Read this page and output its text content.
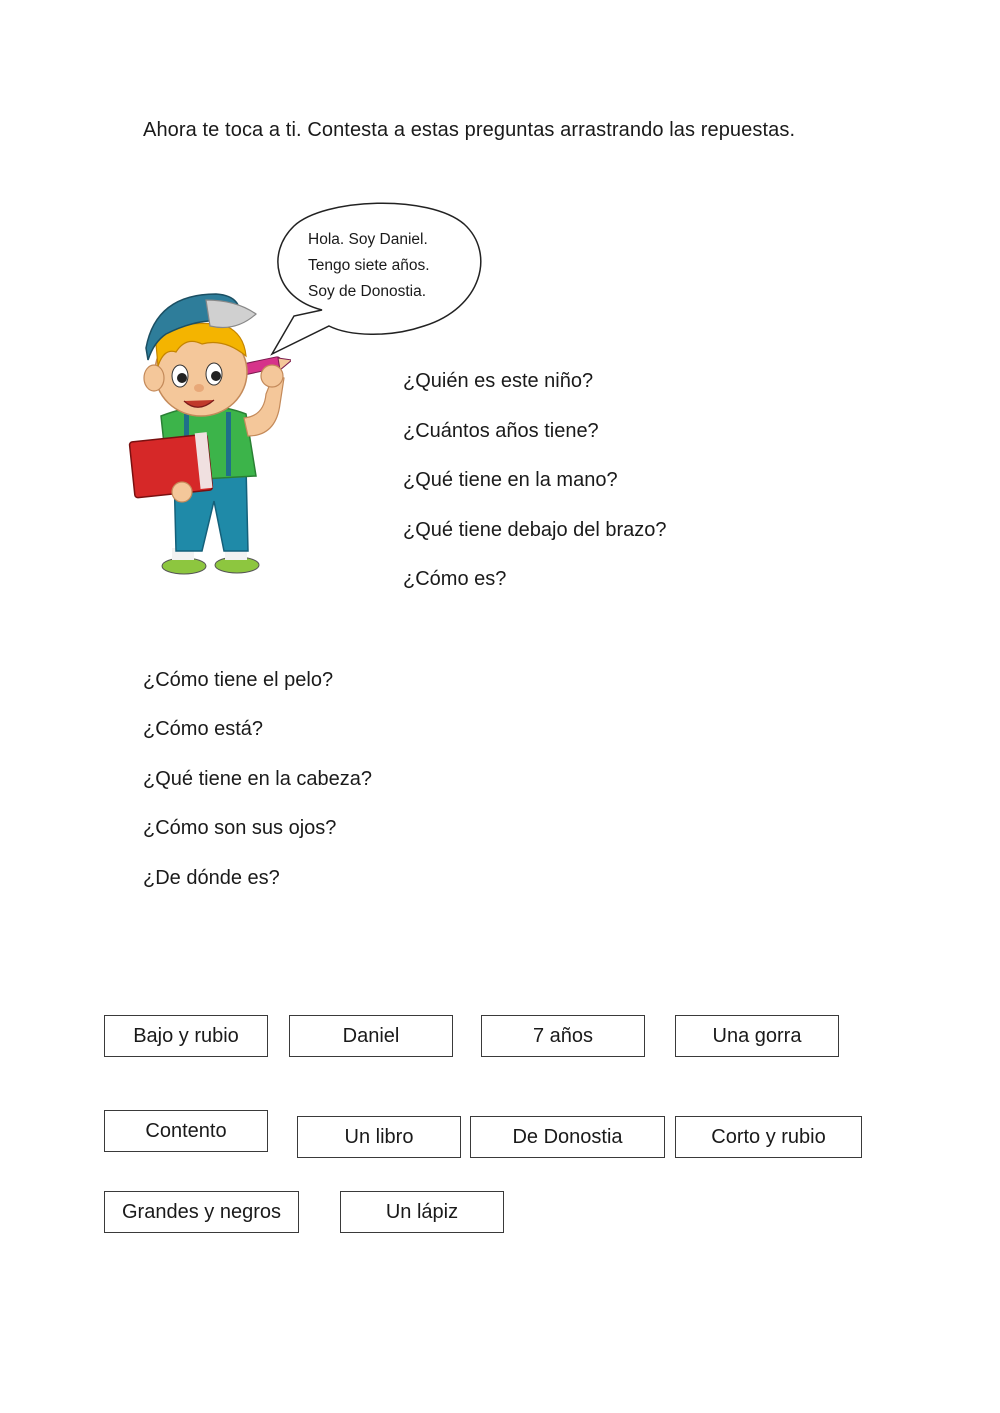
Ahora te toca a ti. Contesta a estas preguntas arrastrando las repuestas.
Hola. Soy Daniel.
Tengo siete años.
Soy de Donostia.
¿Quién es este niño?
¿Cuántos años tiene?
¿Qué tiene en la mano?
¿Qué tiene debajo del brazo?
¿Cómo es?
¿Cómo tiene el pelo?
¿Cómo está?
¿Qué tiene en la cabeza?
¿Cómo son sus ojos?
¿De dónde es?
Bajo y rubio	Daniel	7 años	Una gorra
Contento	Un libro	De Donostia	Corto y rubio
Grandes y negros	Un lápiz
